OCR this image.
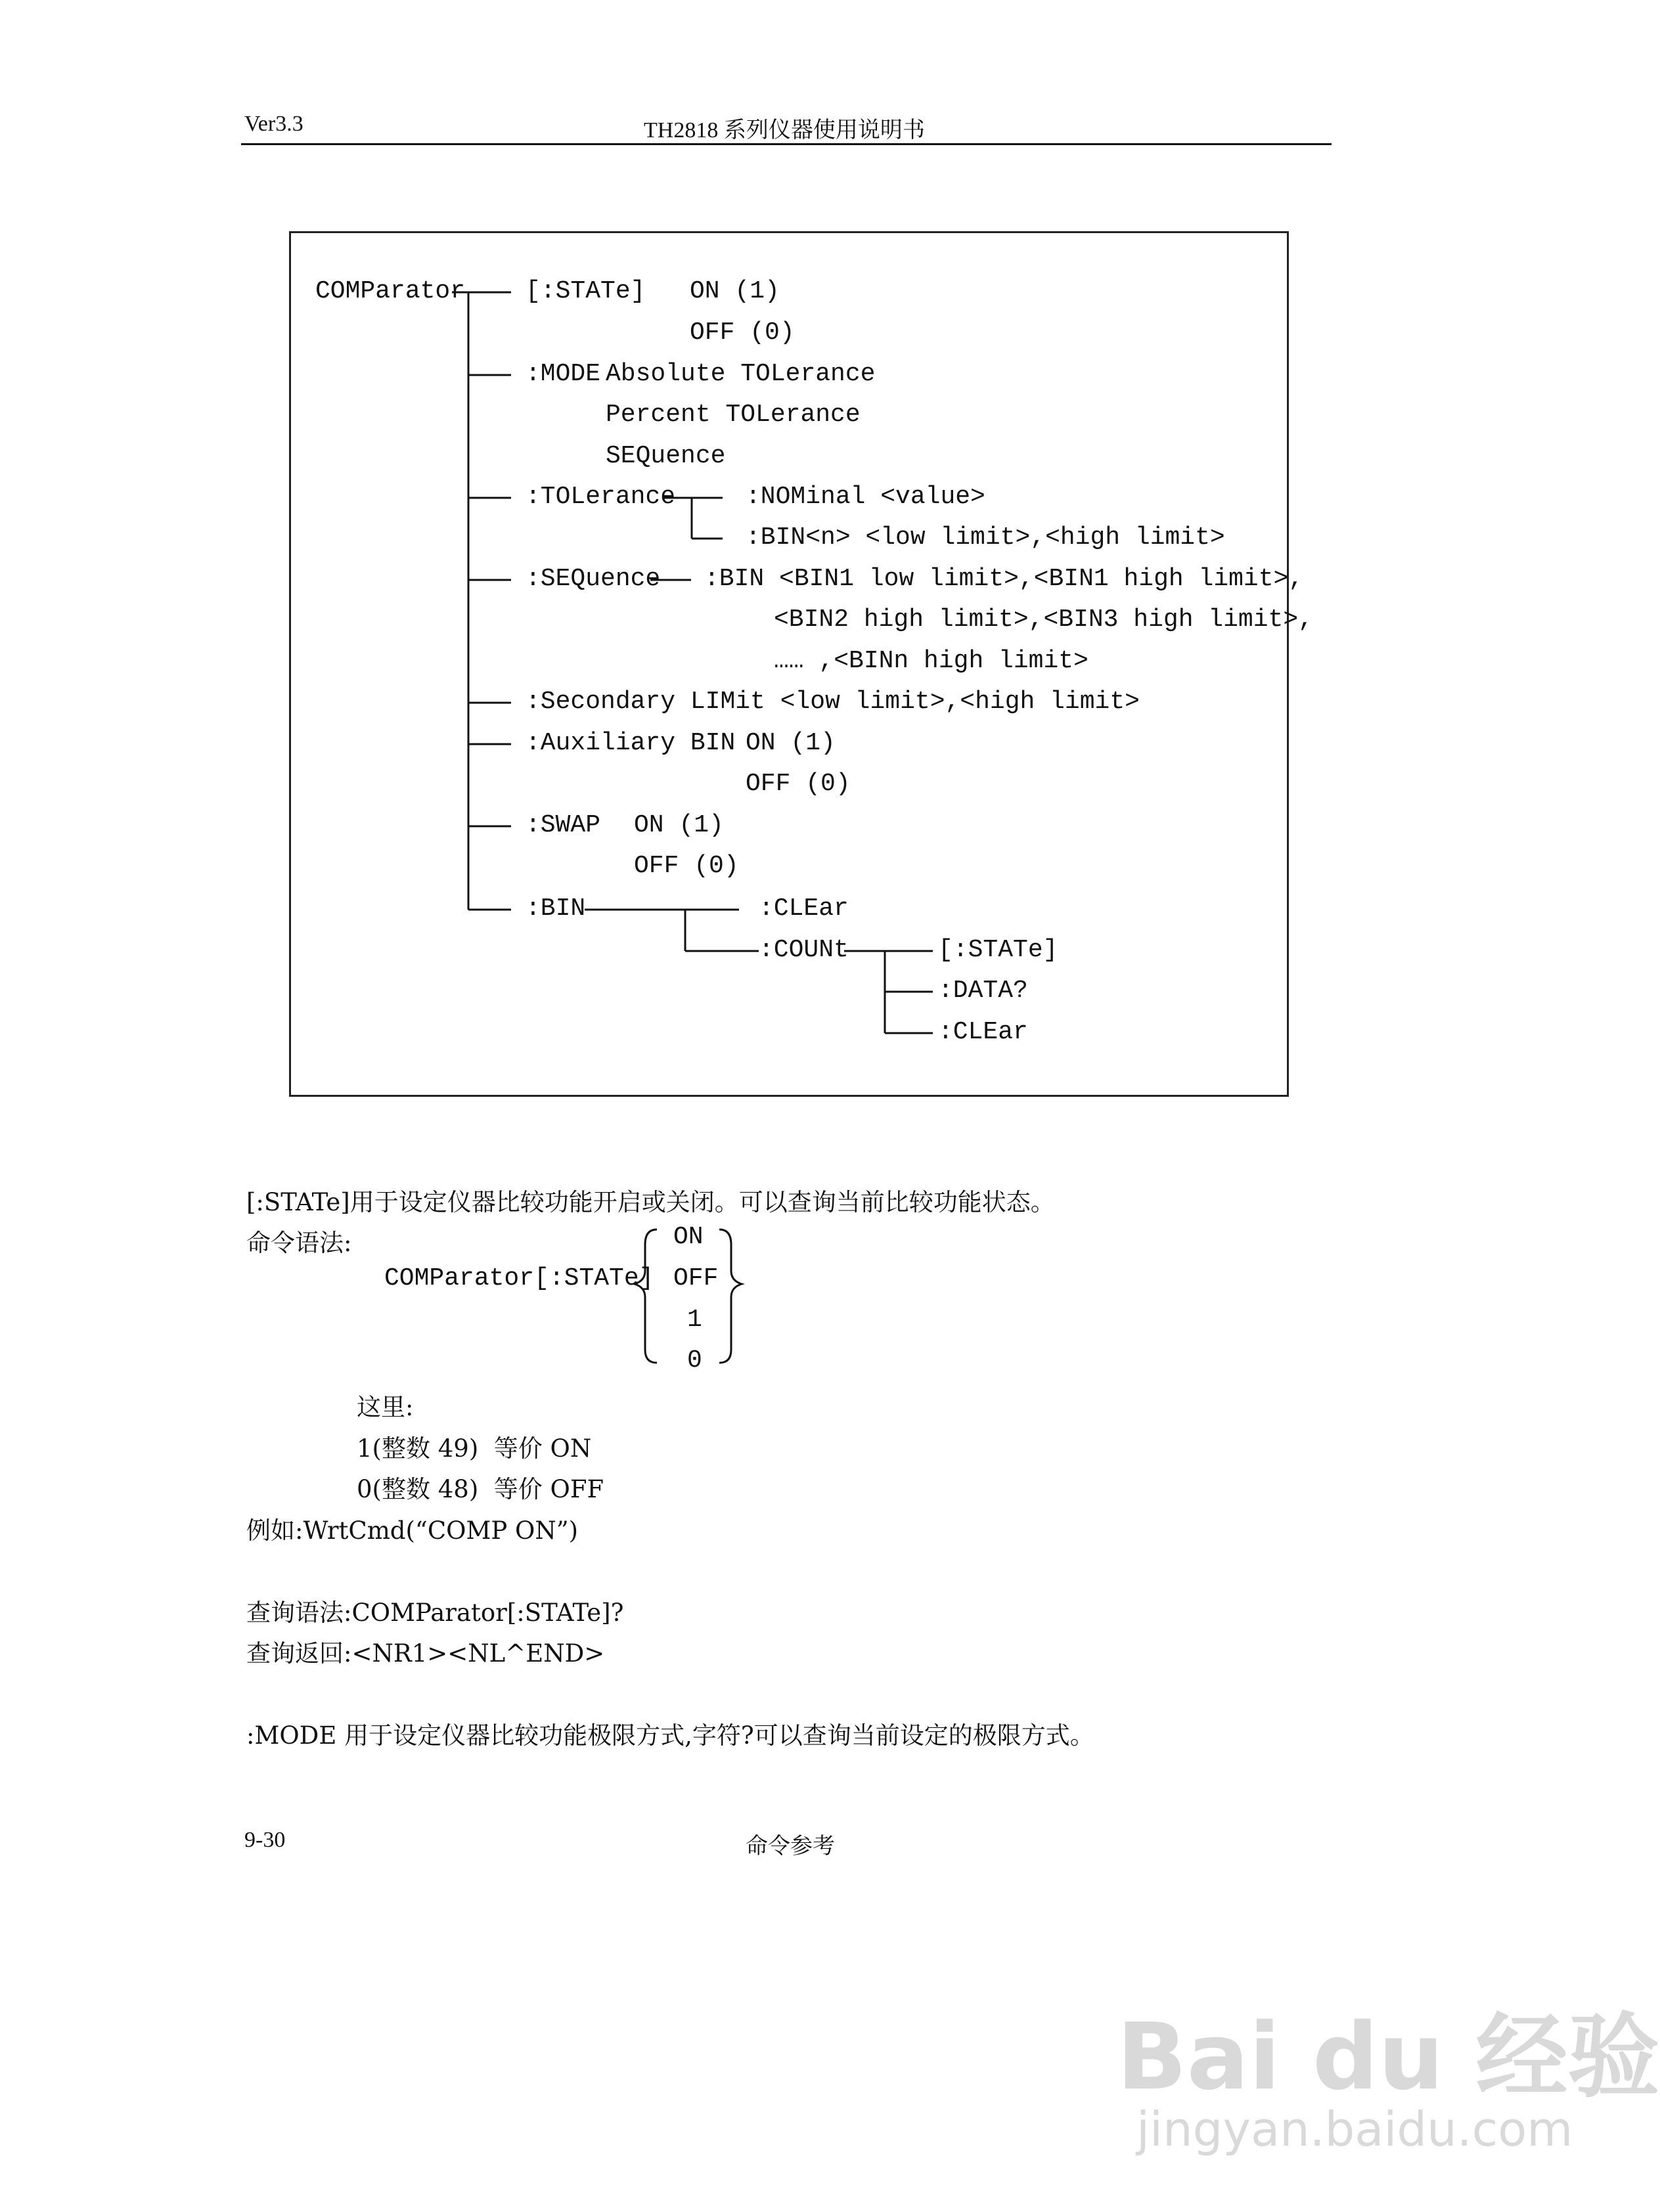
Ver3.3	TH2818 系列仪器使用说明书
COMParator [:STATe] ON (1)
OFF (0)
:MODE Absolute TOLerance
Percent TOLerance
SEQuence
:TOLerance	:NOMinal <value>
:BIN<n> <low limit>,<high limit>
:SEQuence :BIN <BIN1 low limit>,<BIN1 high limit>,
<BIN2 high limit>,<BIN3 high limit>,
…… ,<BINn high limit>
:Secondary LIMit <low limit>,<high limit>
:Auxiliary BIN ON (1)
OFF (0)
:SWAP ON (1)
OFF (0)
:BIN	:CLEar
:COUNt	[:STATe]
:DATA?
:CLEar
[:STATe]用于设定仪器比较功能开启或关闭。可以查询当前比较功能状态。
命令语法:
COMParator[:STATe]
ON
OFF
1
0
这里:
1(整数 49)  等价 ON
0(整数 48)  等价 OFF
例如:WrtCmd(“COMP ON”)
查询语法:COMParator[:STATe]?
查询返回:<NR1><NL^END>
:MODE 用于设定仪器比较功能极限方式,字符?可以查询当前设定的极限方式。
9-30	命令参考
Bai du 经验
jingyan.baidu.com
